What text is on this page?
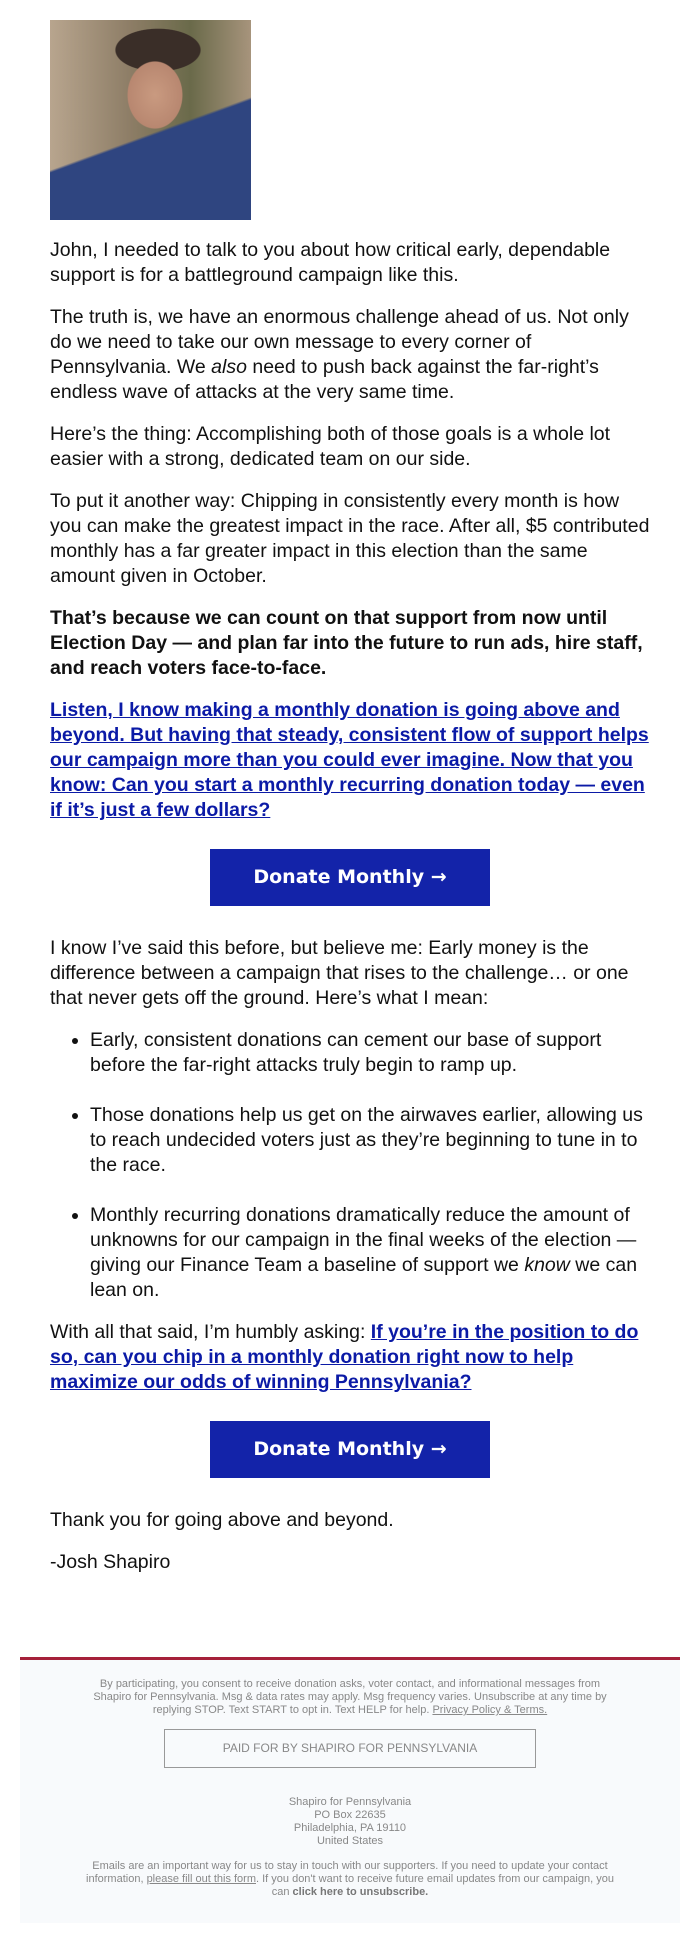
John, I needed to talk to you about how critical early, dependable support is for a battleground campaign like this.

The truth is, we have an enormous challenge ahead of us. Not only do we need to take our own message to every corner of Pennsylvania. We also need to push back against the far-right’s endless wave of attacks at the very same time.

Here’s the thing: Accomplishing both of those goals is a whole lot easier with a strong, dedicated team on our side.

To put it another way: Chipping in consistently every month is how you can make the greatest impact in the race. After all, $5 contributed monthly has a far greater impact in this election than the same amount given in October.

That’s because we can count on that support from now until Election Day — and plan far into the future to run ads, hire staff, and reach voters face-to-face.

Listen, I know making a monthly donation is going above and beyond. But having that steady, consistent flow of support helps our campaign more than you could ever imagine. Now that you know: Can you start a monthly recurring donation today — even if it’s just a few dollars?

Donate Monthly →

I know I’ve said this before, but believe me: Early money is the difference between a campaign that rises to the challenge… or one that never gets off the ground. Here’s what I mean:

• Early, consistent donations can cement our base of support before the far-right attacks truly begin to ramp up.
• Those donations help us get on the airwaves earlier, allowing us to reach undecided voters just as they’re beginning to tune in to the race.
• Monthly recurring donations dramatically reduce the amount of unknowns for our campaign in the final weeks of the election — giving our Finance Team a baseline of support we know we can lean on.

With all that said, I’m humbly asking: If you’re in the position to do so, can you chip in a monthly donation right now to help maximize our odds of winning Pennsylvania?

Donate Monthly →

Thank you for going above and beyond.

-Josh Shapiro

By participating, you consent to receive donation asks, voter contact, and informational messages from Shapiro for Pennsylvania. Msg & data rates may apply. Msg frequency varies. Unsubscribe at any time by replying STOP. Text START to opt in. Text HELP for help. Privacy Policy & Terms.
PAID FOR BY SHAPIRO FOR PENNSYLVANIA
Shapiro for Pennsylvania
PO Box 22635
Philadelphia, PA 19110
United States

Emails are an important way for us to stay in touch with our supporters. If you need to update your contact information, please fill out this form. If you don't want to receive future email updates from our campaign, you can click here to unsubscribe.
